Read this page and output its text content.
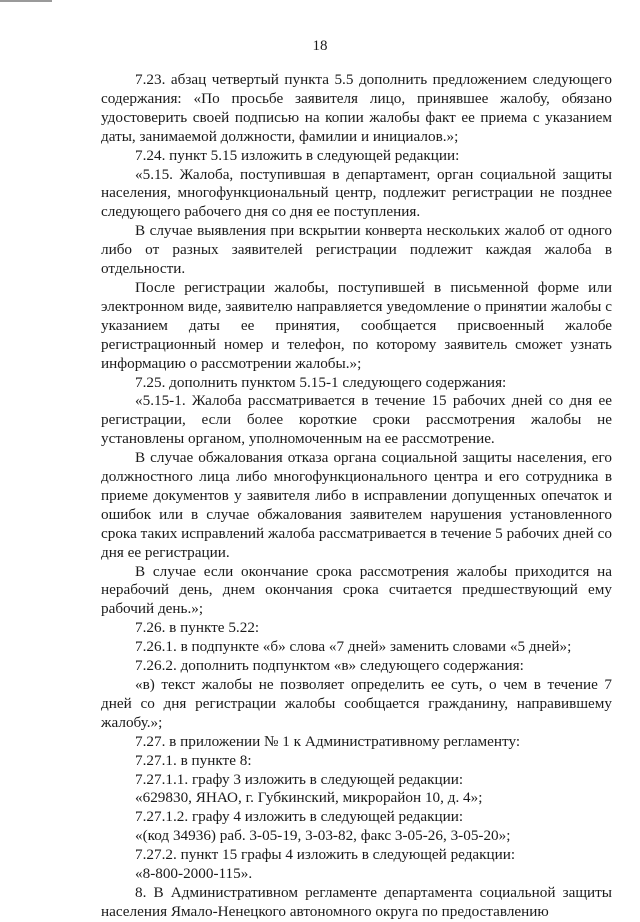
18

7.23. абзац четвертый пункта 5.5 дополнить предложением следующего содержания: «По просьбе заявителя лицо, принявшее жалобу, обязано удостоверить своей подписью на копии жалобы факт ее приема с указанием даты, занимаемой должности, фамилии и инициалов.»;

7.24. пункт 5.15 изложить в следующей редакции:

«5.15. Жалоба, поступившая в департамент, орган социальной защиты населения, многофункциональный центр, подлежит регистрации не позднее следующего рабочего дня со дня ее поступления.

В случае выявления при вскрытии конверта нескольких жалоб от одного либо от разных заявителей регистрации подлежит каждая жалоба в отдельности.

После регистрации жалобы, поступившей в письменной форме или электронном виде, заявителю направляется уведомление о принятии жалобы с указанием даты ее принятия, сообщается присвоенный жалобе регистрационный номер и телефон, по которому заявитель сможет узнать информацию о рассмотрении жалобы.»;

7.25. дополнить пунктом 5.15-1 следующего содержания:

«5.15-1. Жалоба рассматривается в течение 15 рабочих дней со дня ее регистрации, если более короткие сроки рассмотрения жалобы не установлены органом, уполномоченным на ее рассмотрение.

В случае обжалования отказа органа социальной защиты населения, его должностного лица либо многофункционального центра и его сотрудника в приеме документов у заявителя либо в исправлении допущенных опечаток и ошибок или в случае обжалования заявителем нарушения установленного срока таких исправлений жалоба рассматривается в течение 5 рабочих дней со дня ее регистрации.

В случае если окончание срока рассмотрения жалобы приходится на нерабочий день, днем окончания срока считается предшествующий ему рабочий день.»;

7.26. в пункте 5.22:

7.26.1. в подпункте «б» слова «7 дней» заменить словами «5 дней»;

7.26.2. дополнить подпунктом «в» следующего содержания:

«в) текст жалобы не позволяет определить ее суть, о чем в течение 7 дней со дня регистрации жалобы сообщается гражданину, направившему жалобу.»;

7.27. в приложении № 1 к Административному регламенту:

7.27.1. в пункте 8:

7.27.1.1. графу 3 изложить в следующей редакции:

«629830, ЯНАО, г. Губкинский, микрорайон 10, д. 4»;

7.27.1.2. графу 4 изложить в следующей редакции:

«(код 34936) раб. 3-05-19, 3-03-82, факс 3-05-26, 3-05-20»;

7.27.2. пункт 15 графы 4 изложить в следующей редакции:

«8-800-2000-115».

8. В Административном регламенте департамента социальной защиты населения Ямало-Ненецкого автономного округа по предоставлению
